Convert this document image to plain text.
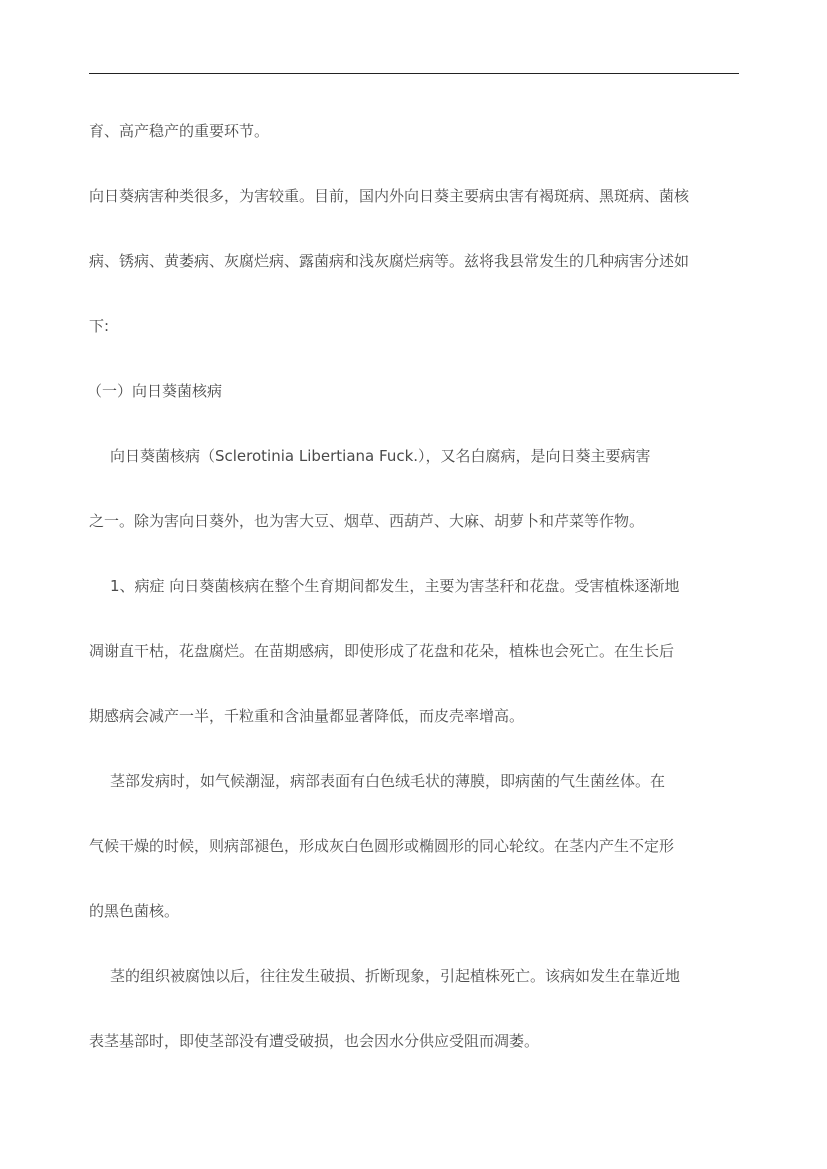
育、高产稳产的重要环节。
向日葵病害种类很多，为害较重。目前，国内外向日葵主要病虫害有褐斑病、黑斑病、菌核
病、锈病、黄萎病、灰腐烂病、露菌病和浅灰腐烂病等。兹将我县常发生的几种病害分述如
下:
（一）向日葵菌核病
向日葵菌核病（Sclerotinia Libertiana Fuck.），又名白腐病，是向日葵主要病害
之一。除为害向日葵外，也为害大豆、烟草、西葫芦、大麻、胡萝卜和芹菜等作物。
1、病症 向日葵菌核病在整个生育期间都发生，主要为害茎秆和花盘。受害植株逐渐地
凋谢直干枯，花盘腐烂。在苗期感病，即使形成了花盘和花朵，植株也会死亡。在生长后
期感病会减产一半，千粒重和含油量都显著降低，而皮壳率增高。
茎部发病时，如气候潮湿，病部表面有白色绒毛状的薄膜，即病菌的气生菌丝体。在
气候干燥的时候，则病部褪色，形成灰白色圆形或椭圆形的同心轮纹。在茎内产生不定形
的黑色菌核。
茎的组织被腐蚀以后，往往发生破损、折断现象，引起植株死亡。该病如发生在靠近地
表茎基部时，即使茎部没有遭受破损，也会因水分供应受阻而凋萎。
